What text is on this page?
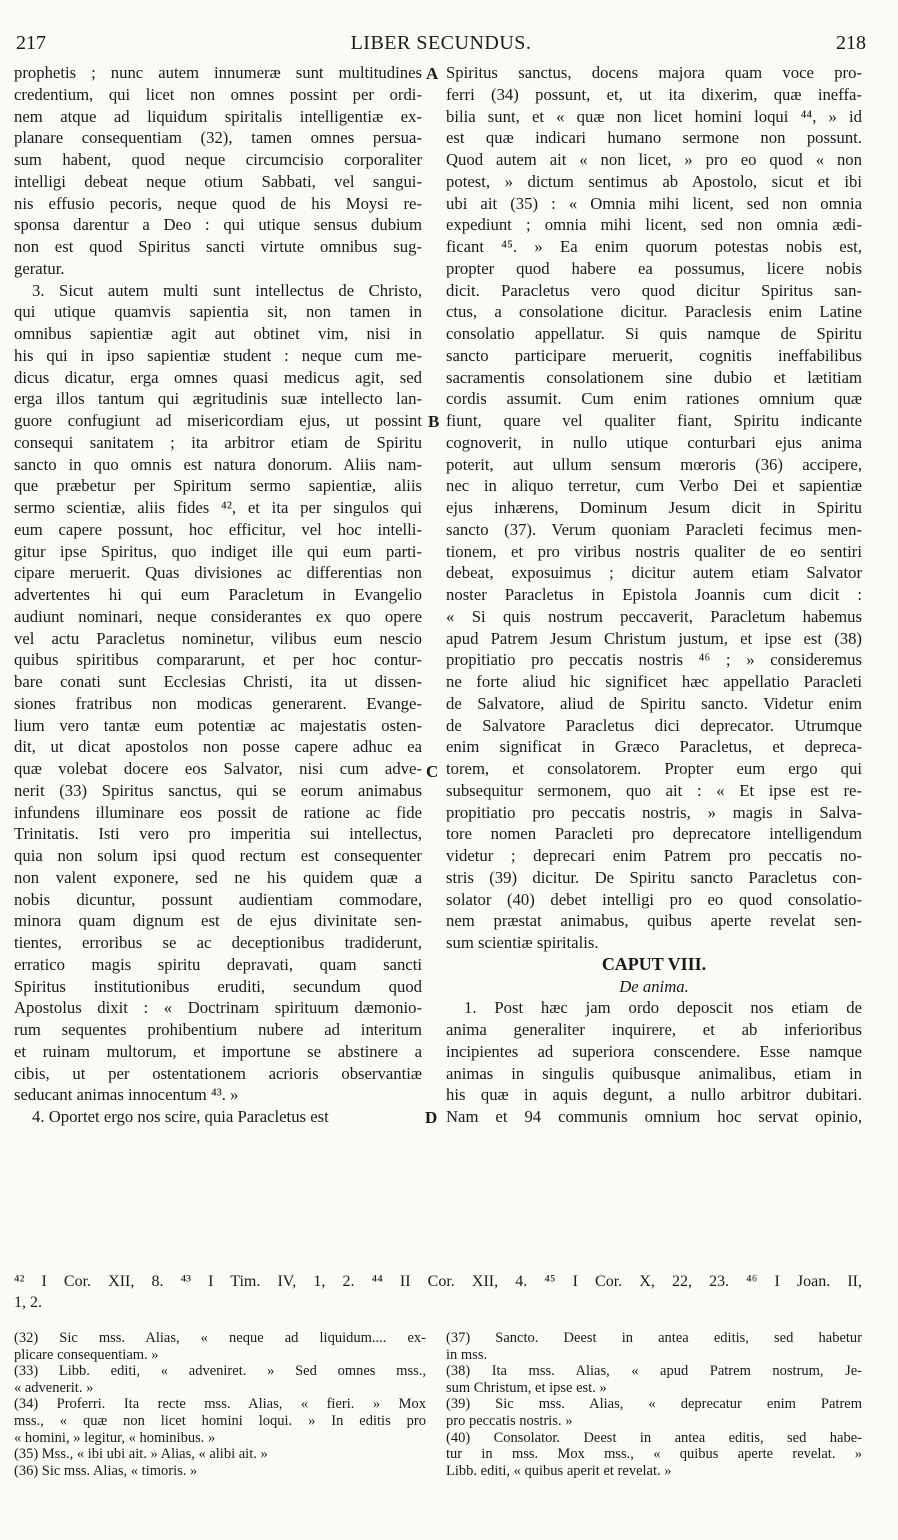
217	LIBER SECUNDUS.	218
prophetis ; nunc autem innumeræ sunt multitudines
credentium, qui licet non omnes possint per ordi-
nem atque ad liquidum spiritalis intelligentiæ ex-
planare consequentiam (32), tamen omnes persua-
sum habent, quod neque circumcisio corporaliter
intelligi debeat neque otium Sabbati, vel sangui-
nis effusio pecoris, neque quod de his Moysi re-
sponsa darentur a Deo : qui utique sensus dubium
non est quod Spiritus sancti virtute omnibus sug-
geratur.
3. Sicut autem multi sunt intellectus de Christo,
qui utique quamvis sapientia sit, non tamen in
omnibus sapientiæ agit aut obtinet vim, nisi in
his qui in ipso sapientiæ student : neque cum me-
dicus dicatur, erga omnes quasi medicus agit, sed
erga illos tantum qui ægritudinis suæ intellecto lan-
guore confugiunt ad misericordiam ejus, ut possint
consequi sanitatem ; ita arbitror etiam de Spiritu
sancto in quo omnis est natura donorum. Aliis nam-
que præbetur per Spiritum sermo sapientiæ, aliis
sermo scientiæ, aliis fides ⁴², et ita per singulos qui
eum capere possunt, hoc efficitur, vel hoc intelli-
gitur ipse Spiritus, quo indiget ille qui eum parti-
cipare meruerit. Quas divisiones ac differentias non
advertentes hi qui eum Paracletum in Evangelio
audiunt nominari, neque considerantes ex quo opere
vel actu Paracletus nominetur, vilibus eum nescio
quibus spiritibus compararunt, et per hoc contur-
bare conati sunt Ecclesias Christi, ita ut dissen-
siones fratribus non modicas generarent. Evange-
lium vero tantæ eum potentiæ ac majestatis osten-
dit, ut dicat apostolos non posse capere adhuc ea
quæ volebat docere eos Salvator, nisi cum adve-
nerit (33) Spiritus sanctus, qui se eorum animabus
infundens illuminare eos possit de ratione ac fide
Trinitatis. Isti vero pro imperitia sui intellectus,
quia non solum ipsi quod rectum est consequenter
non valent exponere, sed ne his quidem quæ a
nobis dicuntur, possunt audientiam commodare,
minora quam dignum est de ejus divinitate sen-
tientes, erroribus se ac deceptionibus tradiderunt,
erratico magis spiritu depravati, quam sancti
Spiritus institutionibus eruditi, secundum quod
Apostolus dixit : « Doctrinam spirituum dæmonio-
rum sequentes prohibentium nubere ad interitum
et ruinam multorum, et importune se abstinere a
cibis, ut per ostentationem acrioris observantiæ
seducant animas innocentum ⁴³. »
4. Oportet ergo nos scire, quia Paracletus est
Spiritus sanctus, docens majora quam voce pro-
ferri (34) possunt, et, ut ita dixerim, quæ ineffa-
bilia sunt, et « quæ non licet homini loqui ⁴⁴, » id
est quæ indicari humano sermone non possunt.
Quod autem ait « non licet, » pro eo quod « non
potest, » dictum sentimus ab Apostolo, sicut et ibi
ubi ait (35) : « Omnia mihi licent, sed non omnia
expediunt ; omnia mihi licent, sed non omnia ædi-
ficant ⁴⁵. » Ea enim quorum potestas nobis est,
propter quod habere ea possumus, licere nobis
dicit. Paracletus vero quod dicitur Spiritus san-
ctus, a consolatione dicitur. Paraclesis enim Latine
consolatio appellatur. Si quis namque de Spiritu
sancto participare meruerit, cognitis ineffabilibus
sacramentis consolationem sine dubio et lætitiam
cordis assumit. Cum enim rationes omnium quæ
fiunt, quare vel qualiter fiant, Spiritu indicante
cognoverit, in nullo utique conturbari ejus anima
poterit, aut ullum sensum mœroris (36) accipere,
nec in aliquo terretur, cum Verbo Dei et sapientiæ
ejus inhærens, Dominum Jesum dicit in Spiritu
sancto (37). Verum quoniam Paracleti fecimus men-
tionem, et pro viribus nostris qualiter de eo sentiri
debeat, exposuimus ; dicitur autem etiam Salvator
noster Paracletus in Epistola Joannis cum dicit :
« Si quis nostrum peccaverit, Paracletum habemus
apud Patrem Jesum Christum justum, et ipse est (38)
propitiatio pro peccatis nostris ⁴⁶ ; » consideremus
ne forte aliud hic significet hæc appellatio Paracleti
de Salvatore, aliud de Spiritu sancto. Videtur enim
de Salvatore Paracletus dici deprecator. Utrumque
enim significat in Græco Paracletus, et depreca-
torem, et consolatorem. Propter eum ergo qui
subsequitur sermonem, quo ait : « Et ipse est re-
propitiatio pro peccatis nostris, » magis in Salva-
tore nomen Paracleti pro deprecatore intelligendum
videtur ; deprecari enim Patrem pro peccatis no-
stris (39) dicitur. De Spiritu sancto Paracletus con-
solator (40) debet intelligi pro eo quod consolatio-
nem præstat animabus, quibus aperte revelat sen-
sum scientiæ spiritalis.
CAPUT VIII.
De anima.
1. Post hæc jam ordo deposcit nos etiam de
anima generaliter inquirere, et ab inferioribus
incipientes ad superiora conscendere. Esse namque
animas in singulis quibusque animalibus, etiam in
his quæ in aquis degunt, a nullo arbitror dubitari.
Nam et 94 communis omnium hoc servat opinio,
A
B
C
D
⁴² I Cor. XII, 8. ⁴³ I Tim. IV, 1, 2. ⁴⁴ II Cor. XII, 4. ⁴⁵ I Cor. X, 22, 23. ⁴⁶ I Joan. II,
1, 2.
(32) Sic mss. Alias, « neque ad liquidum.... ex-
plicare consequentiam. »
(33) Libb. editi, « adveniret. » Sed omnes mss.,
« advenerit. »
(34) Proferri. Ita recte mss. Alias, « fieri. » Mox
mss., « quæ non licet homini loqui. » In editis pro
« homini, » legitur, « hominibus. »
(35) Mss., « ibi ubi ait. » Alias, « alibi ait. »
(36) Sic mss. Alias, « timoris. »
(37) Sancto. Deest in antea editis, sed habetur
in mss.
(38) Ita mss. Alias, « apud Patrem nostrum, Je-
sum Christum, et ipse est. »
(39) Sic mss. Alias, « deprecatur enim Patrem
pro peccatis nostris. »
(40) Consolator. Deest in antea editis, sed habe-
tur in mss. Mox mss., « quibus aperte revelat. »
Libb. editi, « quibus aperit et revelat. »
